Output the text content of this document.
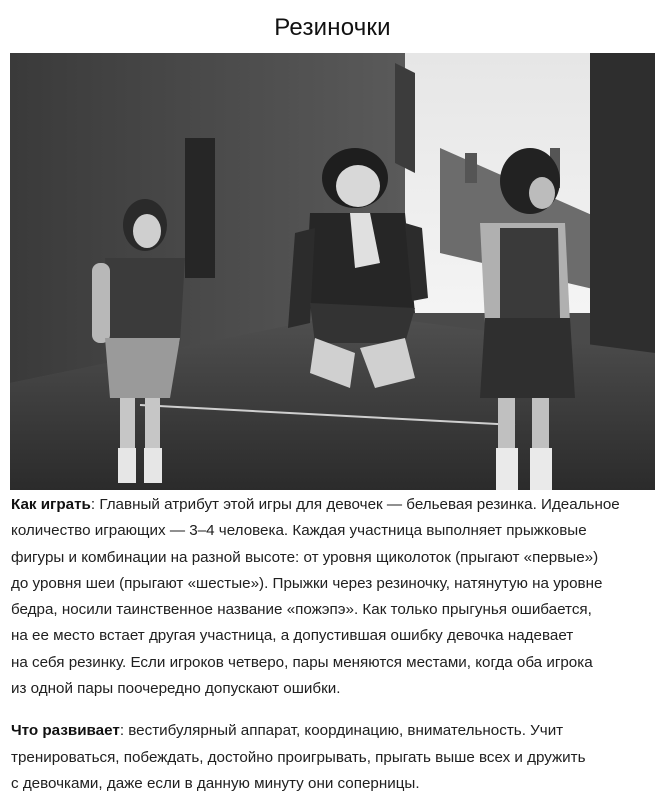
Резиночки
Как играть: Главный атрибут этой игры для девочек — бельевая резинка. Идеальное
количество играющих — 3–4 человека. Каждая участница выполняет прыжковые
фигуры и комбинации на разной высоте: от уровня щиколоток (прыгают «первые»)
до уровня шеи (прыгают «шестые»). Прыжки через резиночку, натянутую на уровне
бедра, носили таинственное название «пожэпэ». Как только прыгунья ошибается,
на ее место встает другая участница, а допустившая ошибку девочка надевает
на себя резинку. Если игроков четверо, пары меняются местами, когда оба игрока
из одной пары поочередно допускают ошибки.
Что развивает: вестибулярный аппарат, координацию, внимательность. Учит
тренироваться, побеждать, достойно проигрывать, прыгать выше всех и дружить
с девочками, даже если в данную минуту они соперницы.
